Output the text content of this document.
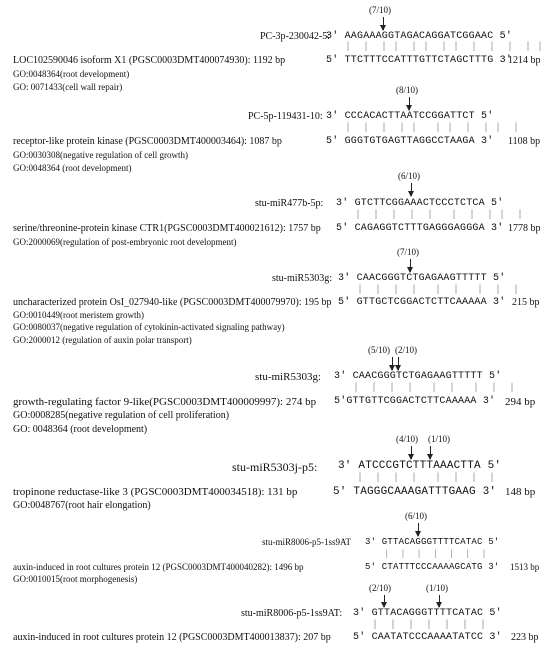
(7/10)
PC-3p-230042-5:
3' AAGAAAGGTAGACAGGATCGGAAC 5'
|  |  | |  | |  | |  |  |  |  | |
LOC102590046 isoform X1 (PGSC0003DMT400074930): 1192 bp	5' TTCTTTCCATTTGTTCTAGCTTTG 3'
1214 bp
GO:0048364(root development)
GO: 0071433(cell wall repair)	(8/10)
PC-5p-119431-10: 3' CCCACACTTAATCCGGATTCT 5'
|  |  |  | |   | |  |  | |  |
receptor-like protein kinase (PGSC0003DMT400003464): 1087 bp	5' GGGTGTGAGTTAGGCCTAAGA 3' 1108 bp
GO:0030308(negative regulation of cell growth)
GO:0048364 (root development)
(6/10)
stu-miR477b-5p: 3' GTCTTCGGAAACTCCCTCTCA 5'
|  |  |  |  |   |  |  | |  |
serine/threonine-protein kinase CTR1(PGSC0003DMT400021612): 1757 bp 5' CAGAGGTCTTTGAGGGAGGGA 3' 1778 bp
GO:2000069(regulation of post-embryonic root development)
(7/10)
stu-miR5303g: 3' CAACGGGTCTGAGAAGTTTTT 5'
|  |  |  |   |  |   |  |  |
uncharacterized protein OsI_027940-like (PGSC0003DMT400079970): 195 bp 5' GTTGCTCGGACTCTTCAAAAA 3' 215 bp
GO:0010449(root meristem growth)
GO:0080037(negative regulation of cytokinin-activated signaling pathway)
GO:2000012 (regulation of auxin polar transport)
(5/10) (2/10)
stu-miR5303g: 3' CAACGGGTCTGAGAAGTTTTT 5'
|  |  |  |   |  |   |  |  |
growth-regulating factor 9-like(PGSC0003DMT400009997): 274 bp 5'GTTGTTCGGACTCTTCAAAAA 3' 294 bp
GO:0008285(negative regulation of cell proliferation)
GO: 0048364 (root development)
(4/10) (1/10)
stu-miR5303j-p5: 3' ATCCCGTCTTTAAACTTA 5'
|  |  |  |   |  |  |  |
tropinone reductase-like 3 (PGSC0003DMT400034518): 131 bp	5' TAGGGCAAAGATTTGAAG 3' 148 bp
GO:0048767(root hair elongation)
(6/10)
stu-miR8006-p5-1ss9AT 3' GTTACAGGGTTTTCATAC 5'
|  |  |  |  |  |  |
auxin-induced in root cultures protein 12 (PGSC0003DMT400040282): 1496 bp	5' CTATTTCCCAAAAGCATG 3' 1513 bp
GO:0010015(root morphogenesis)
(2/10)	(1/10)
stu-miR8006-p5-1ss9AT: 3' GTTACAGGGTTTTCATAC 5'
|  |  |  |  |  |  |
auxin-induced in root cultures protein 12 (PGSC0003DMT400013837): 207 bp 5' CAATATCCCAAAATATCC 3' 223 bp
